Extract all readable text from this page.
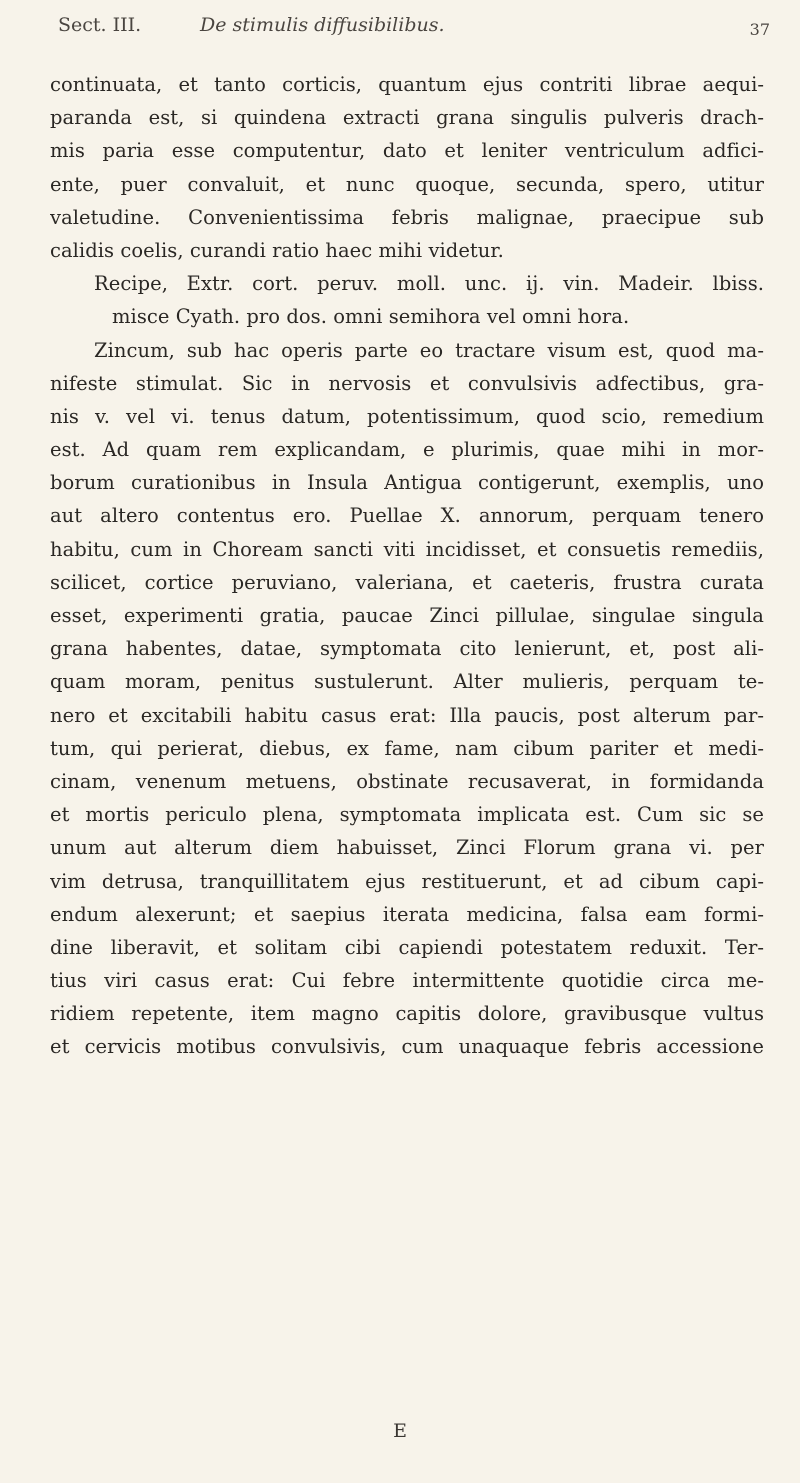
Sect. III.	De stimulis diffusibilibus.	37
continuata, et tanto corticis, quantum ejus contriti librae aequi-
paranda est, si quindena extracti grana singulis pulveris drach-
mis paria esse computentur, dato et leniter ventriculum adfici-
ente, puer convaluit, et nunc quoque, secunda, spero, utitur
valetudine. Convenientissima febris malignae, praecipue sub
calidis coelis, curandi ratio haec mihi videtur.
Recipe, Extr. cort. peruv. moll. unc. ij. vin. Madeir. lbiss.
misce Cyath. pro dos. omni semihora vel omni hora.
Zincum, sub hac operis parte eo tractare visum est, quod ma-
nifeste stimulat. Sic in nervosis et convulsivis adfectibus, gra-
nis v. vel vi. tenus datum, potentissimum, quod scio, remedium
est. Ad quam rem explicandam, e plurimis, quae mihi in mor-
borum curationibus in Insula Antigua contigerunt, exemplis, uno
aut altero contentus ero. Puellae X. annorum, perquam tenero
habitu, cum in Choream sancti viti incidisset, et consuetis remediis,
scilicet, cortice peruviano, valeriana, et caeteris, frustra curata
esset, experimenti gratia, paucae Zinci pillulae, singulae singula
grana habentes, datae, symptomata cito lenierunt, et, post ali-
quam moram, penitus sustulerunt. Alter mulieris, perquam te-
nero et excitabili habitu casus erat: Illa paucis, post alterum par-
tum, qui perierat, diebus, ex fame, nam cibum pariter et medi-
cinam, venenum metuens, obstinate recusaverat, in formidanda
et mortis periculo plena, symptomata implicata est. Cum sic se
unum aut alterum diem habuisset, Zinci Florum grana vi. per
vim detrusa, tranquillitatem ejus restituerunt, et ad cibum capi-
endum alexerunt; et saepius iterata medicina, falsa eam formi-
dine liberavit, et solitam cibi capiendi potestatem reduxit. Ter-
tius viri casus erat: Cui febre intermittente quotidie circa me-
ridiem repetente, item magno capitis dolore, gravibusque vultus
et cervicis motibus convulsivis, cum unaquaque febris accessione
E
